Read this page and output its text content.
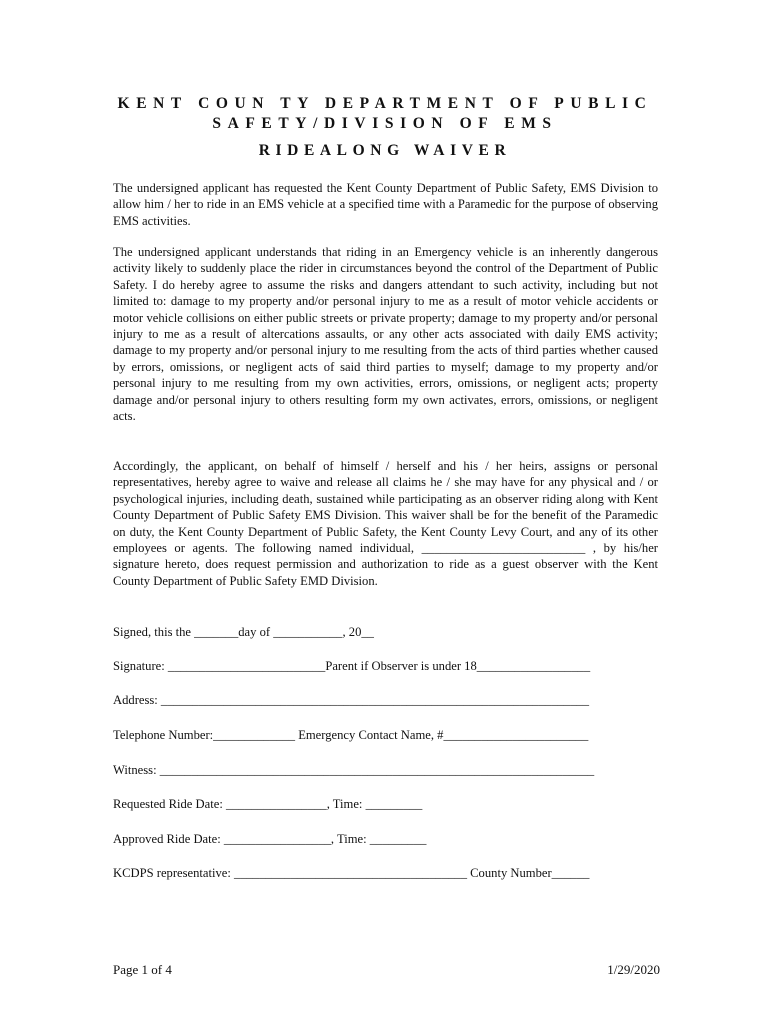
KENT COUN TY DEPARTMENT OF PUBLIC
SAFETY/DIVISION OF EMS
RIDEALONG WAIVER
The undersigned applicant has requested the Kent County Department of Public Safety, EMS Division to allow him / her to ride in an EMS vehicle at a specified time with a Paramedic for the purpose of observing EMS activities.
The undersigned applicant understands that riding in an Emergency vehicle is an inherently dangerous activity likely to suddenly place the rider in circumstances beyond the control of the Department of Public Safety. I do hereby agree to assume the risks and dangers attendant to such activity, including but not limited to: damage to my property and/or personal injury to me as a result of motor vehicle accidents or motor vehicle collisions on either public streets or private property; damage to my property and/or personal injury to me as a result of altercations assaults, or any other acts associated with daily EMS activity; damage to my property and/or personal injury to me resulting from the acts of third parties whether caused by errors, omissions, or negligent acts of said third parties to myself; damage to my property and/or personal injury to me resulting from my own activities, errors, omissions, or negligent acts; property damage and/or personal injury to others resulting form my own activates, errors, omissions, or negligent acts.
Accordingly, the applicant, on behalf of himself / herself and his / her heirs, assigns or personal representatives, hereby agree to waive and release all claims he / she may have for any physical and / or psychological injuries, including death, sustained while participating as an observer riding along with Kent County Department of Public Safety EMS Division. This waiver shall be for the benefit of the Paramedic on duty, the Kent County Department of Public Safety, the Kent County Levy Court, and any of its other employees or agents. The following named individual, __________________________ , by his/her signature hereto, does request permission and authorization to ride as a guest observer with the Kent County Department of Public Safety EMD Division.
Signed, this the _______day of ___________, 20__
Signature: _________________________Parent if Observer is under 18__________________
Address: ____________________________________________________________________
Telephone Number:_____________ Emergency Contact Name, #_______________________
Witness: _____________________________________________________________________
Requested Ride Date: ________________, Time: _________
Approved Ride Date: _________________, Time: _________
KCDPS representative: _____________________________________ County Number______
Page 1 of 4	1/29/2020
